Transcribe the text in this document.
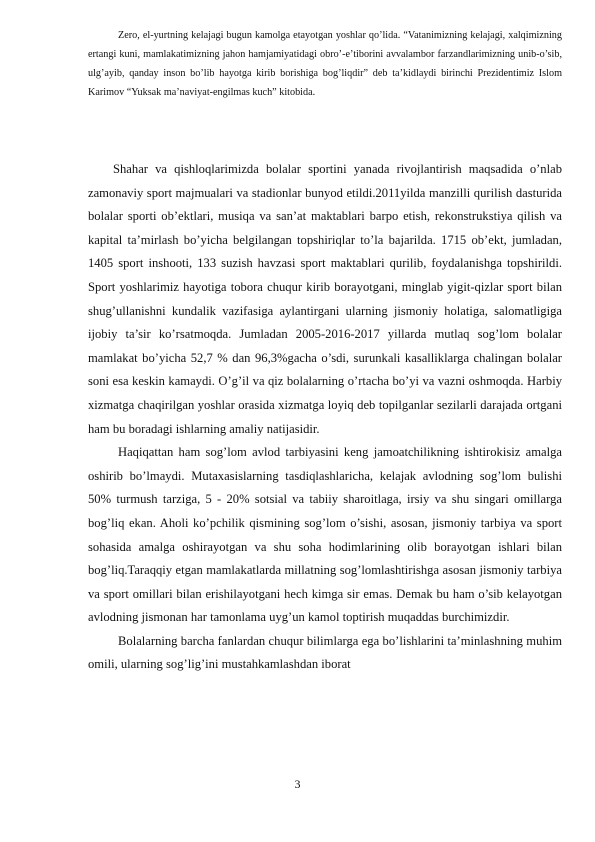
Zero, el-yurtning kelajagi bugun kamolga etayotgan yoshlar qo’lida. “Vatanimizning kelajagi, xalqimizning ertangi kuni, mamlakatimizning jahon hamjamiyatidagi obro’-e’tiborini avvalambor farzandlarimizning unib-o’sib, ulg’ayib, qanday inson bo’lib hayotga kirib borishiga bog’liqdir” deb ta’kidlaydi birinchi Prezidentimiz Islom Karimov “Yuksak ma’naviyat-engilmas kuch” kitobida.

Shahar va qishloqlarimizda bolalar sportini yanada rivojlantirish maqsadida o’nlab zamonaviy sport majmualari va stadionlar bunyod etildi.2011yilda manzilli qurilish dasturida bolalar sporti ob’ektlari, musiqa va san’at maktablari barpo etish, rekonstrukstiya qilish va kapital ta’mirlash bo’yicha belgilangan topshiriqlar to’la bajarilda. 1715 ob’ekt, jumladan, 1405 sport inshooti, 133 suzish havzasi sport maktablari qurilib, foydalanishga topshirildi. Sport yoshlarimiz hayotiga tobora chuqur kirib borayotgani, minglab yigit-qizlar sport bilan shug’ullanishni kundalik vazifasiga aylantirgani ularning jismoniy holatiga, salomatligiga ijobiy ta’sir ko’rsatmoqda. Jumladan 2005-2016-2017 yillarda mutlaq sog’lom bolalar mamlakat bo’yicha 52,7 % dan 96,3%gacha o’sdi, surunkali kasalliklarga chalingan bolalar soni esa keskin kamaydi. O’g’il va qiz bolalarning o’rtacha bo’yi va vazni oshmoqda. Harbiy xizmatga chaqirilgan yoshlar orasida xizmatga loyiq deb topilganlar sezilarli darajada ortgani ham bu boradagi ishlarning amaliy natijasidir.

Haqiqattan ham sog’lom avlod tarbiyasini keng jamoatchilikning ishtirokisiz amalga oshirib bo’lmaydi. Mutaxasislarning tasdiqlashlaricha, kelajak avlodning sog’lom bulishi 50% turmush tarziga, 5 - 20% sotsial va tabiiy sharoitlaga, irsiy va shu singari omillarga bog’liq ekan. Aholi ko’pchilik qismining sog’lom o’sishi, asosan, jismoniy tarbiya va sport sohasida amalga oshirayotgan va shu soha hodimlarining olib borayotgan ishlari bilan bog’liq.Taraqqiy etgan mamlakatlarda millatning sog’lomlashtirishga asosan jismoniy tarbiya va sport omillari bilan erishilayotgani hech kimga sir emas. Demak bu ham o’sib kelayotgan avlodning jismonan har tamonlama uyg’un kamol toptirish muqaddas burchimizdir.

Bolalarning barcha fanlardan chuqur bilimlarga ega bo’lishlarini ta’minlashning muhim omili, ularning sog’lig’ini mustahkamlashdan iborat

3
